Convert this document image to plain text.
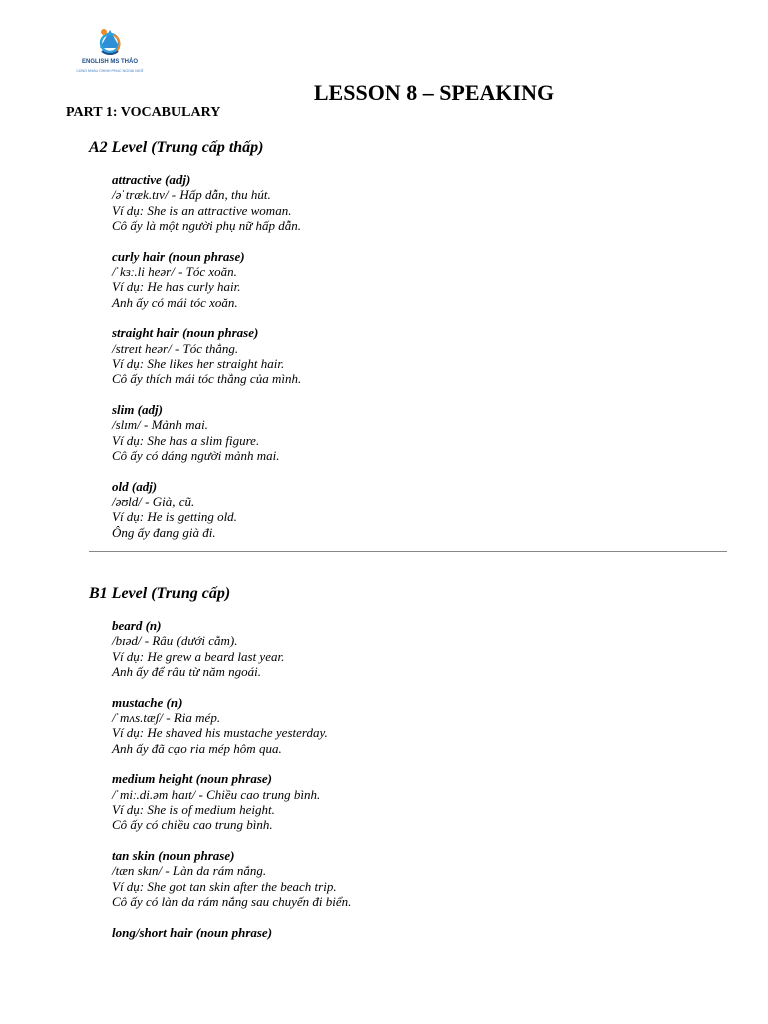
ENGLISH MS THẢO
CÙNG NHAU CHINH PHỤC NGOẠI NGỮ
LESSON 8 – SPEAKING
PART 1: VOCABULARY
A2 Level (Trung cấp thấp)
attractive (adj)
/əˈtræk.tɪv/ - Hấp dẫn, thu hút.
Ví dụ: She is an attractive woman.
Cô ấy là một người phụ nữ hấp dẫn.
curly hair (noun phrase)
/ˈkɜː.li heər/ - Tóc xoăn.
Ví dụ: He has curly hair.
Anh ấy có mái tóc xoăn.
straight hair (noun phrase)
/streɪt heər/ - Tóc thẳng.
Ví dụ: She likes her straight hair.
Cô ấy thích mái tóc thẳng của mình.
slim (adj)
/slɪm/ - Mảnh mai.
Ví dụ: She has a slim figure.
Cô ấy có dáng người mảnh mai.
old (adj)
/əʊld/ - Già, cũ.
Ví dụ: He is getting old.
Ông ấy đang già đi.
B1 Level (Trung cấp)
beard (n)
/bɪəd/ - Râu (dưới cằm).
Ví dụ: He grew a beard last year.
Anh ấy để râu từ năm ngoái.
mustache (n)
/ˈmʌs.tæʃ/ - Ria mép.
Ví dụ: He shaved his mustache yesterday.
Anh ấy đã cạo ria mép hôm qua.
medium height (noun phrase)
/ˈmiː.di.əm haɪt/ - Chiều cao trung bình.
Ví dụ: She is of medium height.
Cô ấy có chiều cao trung bình.
tan skin (noun phrase)
/tæn skɪn/ - Làn da rám nắng.
Ví dụ: She got tan skin after the beach trip.
Cô ấy có làn da rám nắng sau chuyến đi biển.
long/short hair (noun phrase)
